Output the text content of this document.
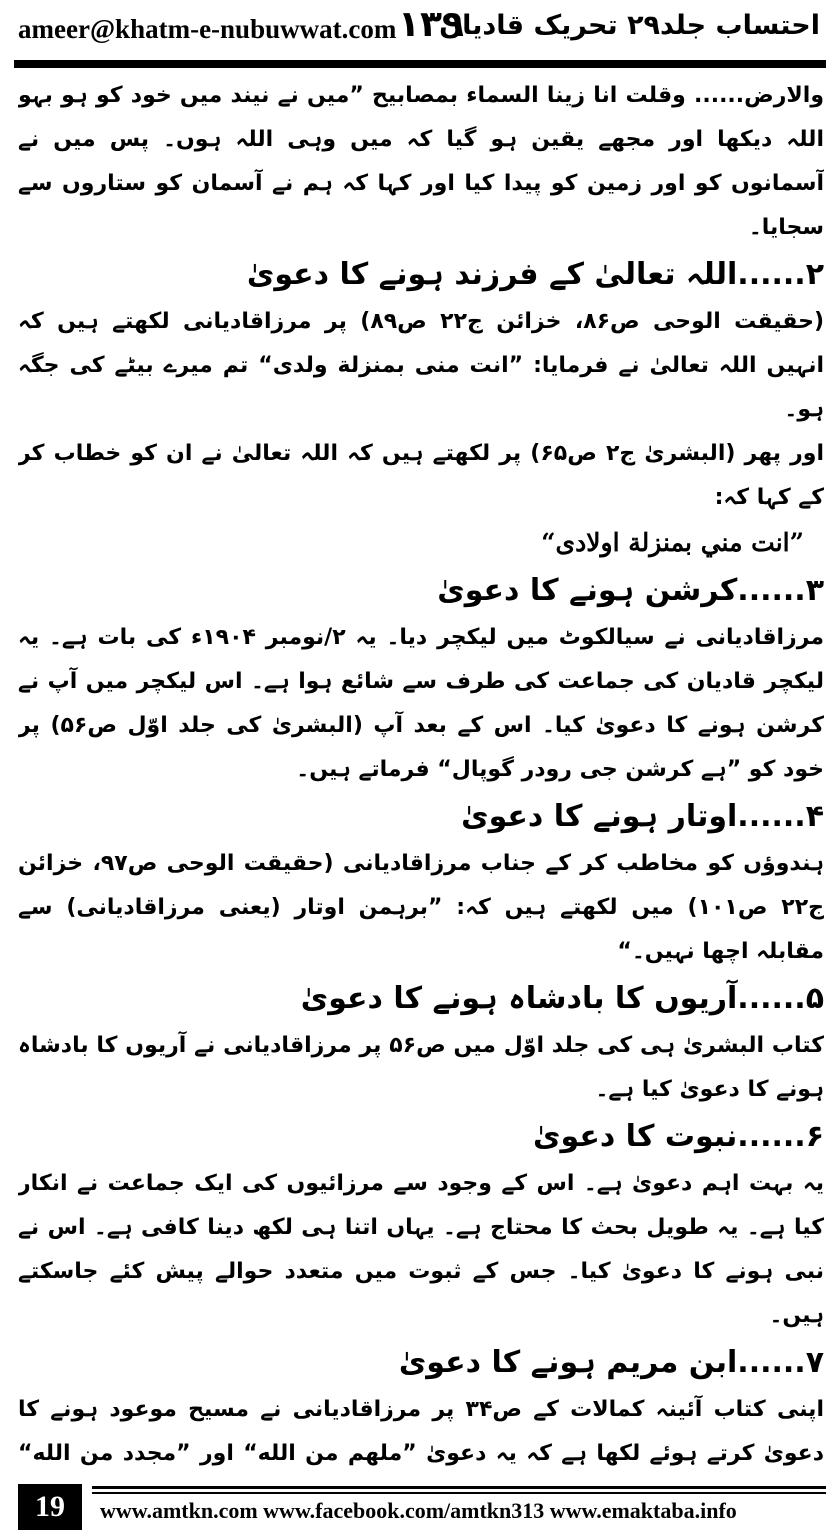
ameer@khatm-e-nubuwwat.com ۱۳۹
احتساب جلد۲۹ تحریک قادیان

والارض...... وقلت انا زينا السماء بمصابيح ”میں نے نیند میں خود کو ہو بہو اللہ دیکھا اور مجھے یقین ہو گیا کہ میں وہی اللہ ہوں۔ پس میں نے آسمانوں کو اور زمین کو پیدا کیا اور کہا کہ ہم نے آسمان کو ستاروں سے سجایا۔

۲......اللہ تعالیٰ کے فرزند ہونے کا دعویٰ

(حقیقت الوحی ص۸۶، خزائن ج۲۲ ص۸۹) پر مرزاقادیانی لکھتے ہیں کہ انہیں اللہ تعالیٰ نے فرمایا: ”انت منى بمنزلة ولدى“ تم میرے بیٹے کی جگہ ہو۔

اور پھر (البشریٰ ج۲ ص۶۵) پر لکھتے ہیں کہ اللہ تعالیٰ نے ان کو خطاب کر کے کہا کہ:

”انت مني بمنزلة اولادی“

۳......کرشن ہونے کا دعویٰ

مرزاقادیانی نے سیالکوٹ میں لیکچر دیا۔ یہ ۲/نومبر ۱۹۰۴ء کی بات ہے۔ یہ لیکچر قادیان کی جماعت کی طرف سے شائع ہوا ہے۔ اس لیکچر میں آپ نے کرشن ہونے کا دعویٰ کیا۔ اس کے بعد آپ (البشریٰ کی جلد اوّل ص۵۶) پر خود کو ”ہے کرشن جی رودر گوپال“ فرماتے ہیں۔

۴......اوتار ہونے کا دعویٰ

ہندوؤں کو مخاطب کر کے جناب مرزاقادیانی (حقیقت الوحی ص۹۷، خزائن ج۲۲ ص۱۰۱) میں لکھتے ہیں کہ: ”برہمن اوتار (یعنی مرزاقادیانی) سے مقابلہ اچھا نہیں۔“

۵......آریوں کا بادشاہ ہونے کا دعویٰ

کتاب البشریٰ ہی کی جلد اوّل میں ص۵۶ پر مرزاقادیانی نے آریوں کا بادشاہ ہونے کا دعویٰ کیا ہے۔

۶......نبوت کا دعویٰ

یہ بہت اہم دعویٰ ہے۔ اس کے وجود سے مرزائیوں کی ایک جماعت نے انکار کیا ہے۔ یہ طویل بحث کا محتاج ہے۔ یہاں اتنا ہی لکھ دینا کافی ہے۔ اس نے نبی ہونے کا دعویٰ کیا۔ جس کے ثبوت میں متعدد حوالے پیش کئے جاسکتے ہیں۔

۷......ابن مریم ہونے کا دعویٰ

اپنی کتاب آئینہ کمالات کے ص۳۴ پر مرزاقادیانی نے مسیح موعود ہونے کا دعویٰ کرتے ہوئے لکھا ہے کہ یہ دعویٰ ”ملهم من الله“ اور ”مجدد من الله“

19	www.amtkn.com www.facebook.com/amtkn313 www.emaktaba.info
